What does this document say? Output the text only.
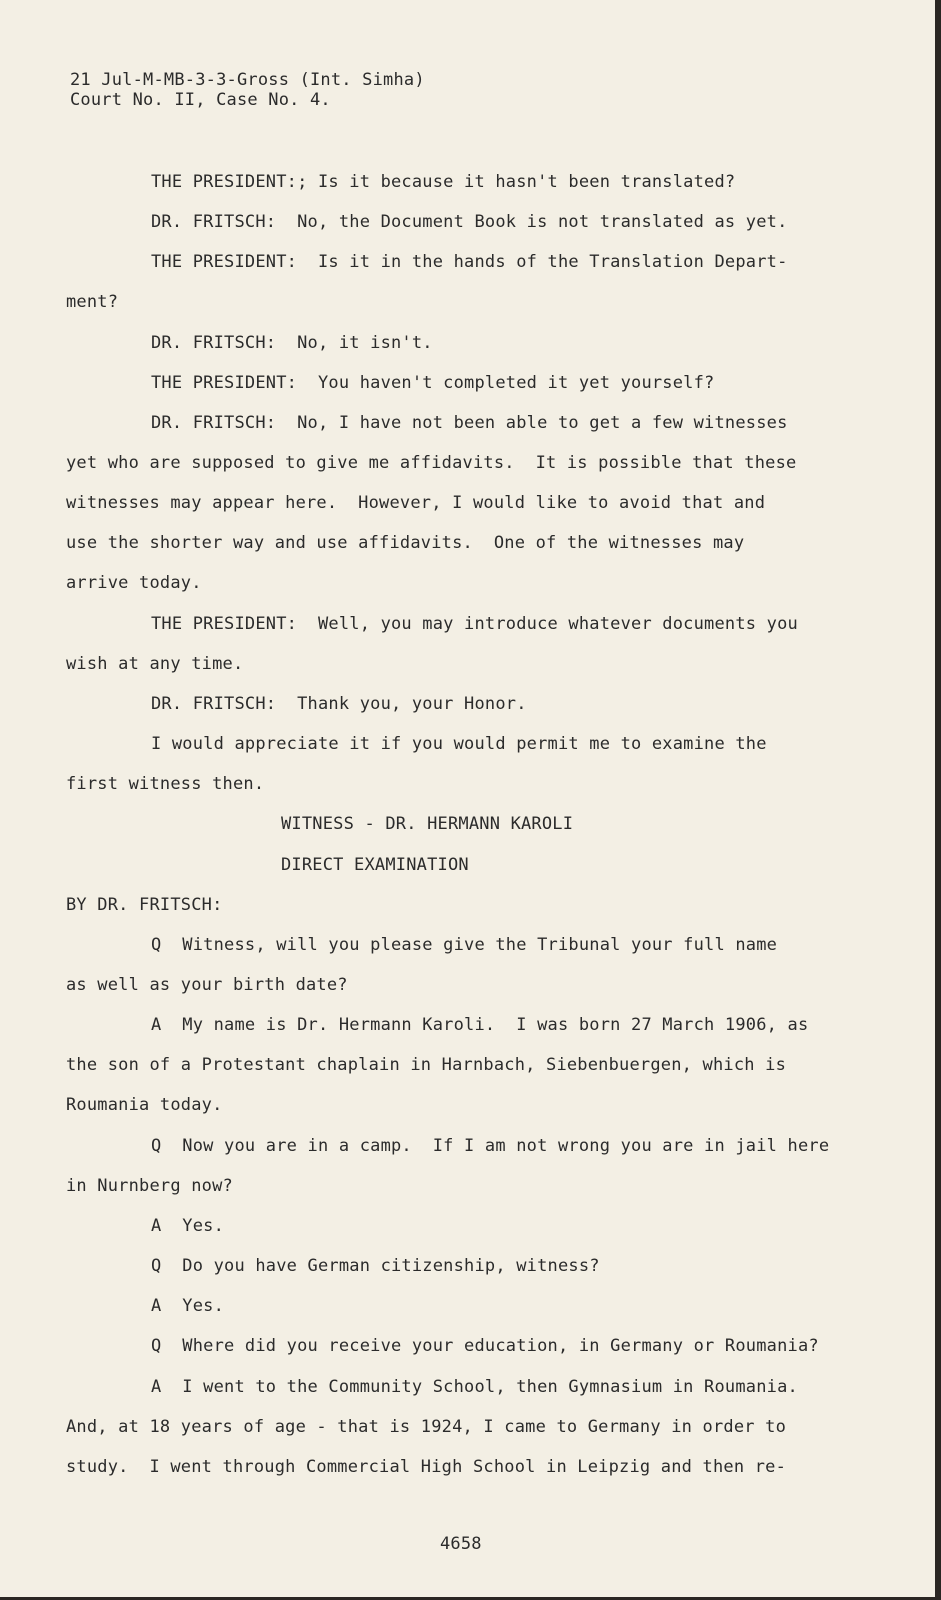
21 Jul-M-MB-3-3-Gross (Int. Simha)
Court No. II, Case No. 4.
THE PRESIDENT:; Is it because it hasn't been translated?
DR. FRITSCH:  No, the Document Book is not translated as yet.
THE PRESIDENT:  Is it in the hands of the Translation Depart-
ment?
DR. FRITSCH:  No, it isn't.
THE PRESIDENT:  You haven't completed it yet yourself?
DR. FRITSCH:  No, I have not been able to get a few witnesses
yet who are supposed to give me affidavits.  It is possible that these
witnesses may appear here.  However, I would like to avoid that and
use the shorter way and use affidavits.  One of the witnesses may
arrive today.
THE PRESIDENT:  Well, you may introduce whatever documents you
wish at any time.
DR. FRITSCH:  Thank you, your Honor.
I would appreciate it if you would permit me to examine the
first witness then.
WITNESS - DR. HERMANN KAROLI
DIRECT EXAMINATION
BY DR. FRITSCH:
Q  Witness, will you please give the Tribunal your full name
as well as your birth date?
A  My name is Dr. Hermann Karoli.  I was born 27 March 1906, as
the son of a Protestant chaplain in Harnbach, Siebenbuergen, which is
Roumania today.
Q  Now you are in a camp.  If I am not wrong you are in jail here
in Nurnberg now?
A  Yes.
Q  Do you have German citizenship, witness?
A  Yes.
Q  Where did you receive your education, in Germany or Roumania?
A  I went to the Community School, then Gymnasium in Roumania.
And, at 18 years of age - that is 1924, I came to Germany in order to
study.  I went through Commercial High School in Leipzig and then re-
4658
